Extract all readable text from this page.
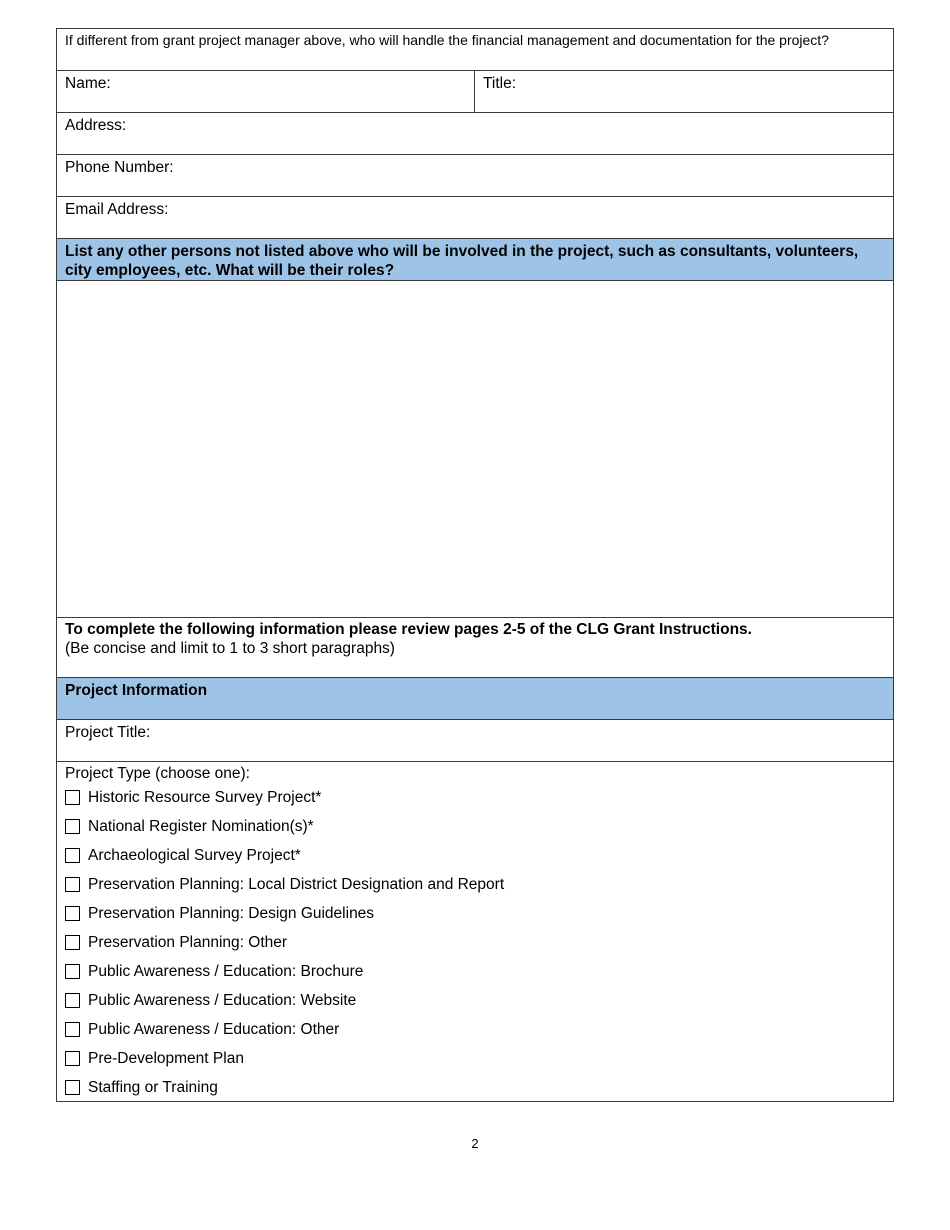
If different from grant project manager above, who will handle the financial management and documentation for the project?
Name:	Title:
Address:
Phone Number:
Email Address:
List any other persons not listed above who will be involved in the project, such as consultants, volunteers, city employees, etc. What will be their roles?
To complete the following information please review pages 2-5 of the CLG Grant Instructions.
(Be concise and limit to 1 to 3 short paragraphs)
Project Information
Project Title:
Project Type (choose one):
Historic Resource Survey Project*
National Register Nomination(s)*
Archaeological Survey Project*
Preservation Planning: Local District Designation and Report
Preservation Planning: Design Guidelines
Preservation Planning: Other
Public Awareness / Education: Brochure
Public Awareness / Education: Website
Public Awareness / Education: Other
Pre-Development Plan
Staffing or Training
2
